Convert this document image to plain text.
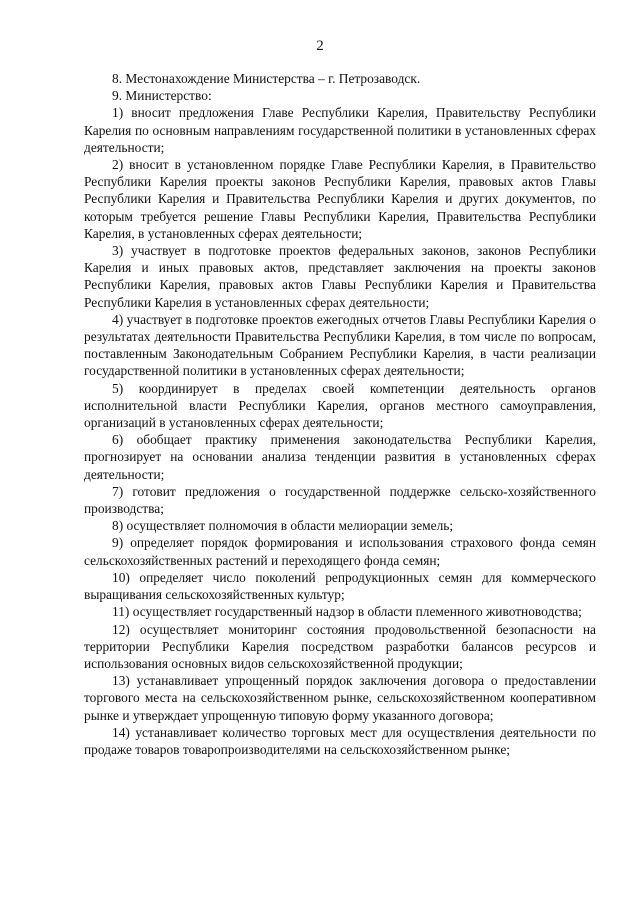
2

8. Местонахождение Министерства – г. Петрозаводск.

9. Министерство:

1) вносит предложения Главе Республики Карелия, Правительству Республики Карелия по основным направлениям государственной политики в установленных сферах деятельности;

2) вносит в установленном порядке Главе Республики Карелия, в Правительство Республики Карелия проекты законов Республики Карелия, правовых актов Главы Республики Карелия и Правительства Республики Карелия и других документов, по которым требуется решение Главы Республики Карелия, Правительства Республики Карелия, в установленных сферах деятельности;

3) участвует в подготовке проектов федеральных законов, законов Республики Карелия и иных правовых актов, представляет заключения на проекты законов Республики Карелия, правовых актов Главы Республики Карелия и Правительства Республики Карелия в установленных сферах деятельности;

4) участвует в подготовке проектов ежегодных отчетов Главы Республики Карелия о результатах деятельности Правительства Республики Карелия, в том числе по вопросам, поставленным Законодательным Собранием Республики Карелия, в части реализации государственной политики в установленных сферах деятельности;

5) координирует в пределах своей компетенции деятельность органов исполнительной власти Республики Карелия, органов местного самоуправления, организаций в установленных сферах деятельности;

6) обобщает практику применения законодательства Республики Карелия, прогнозирует на основании анализа тенденции развития в установленных сферах деятельности;

7) готовит предложения о государственной поддержке сельско-хозяйственного производства;

8) осуществляет полномочия в области мелиорации земель;

9) определяет порядок формирования и использования страхового фонда семян сельскохозяйственных растений и переходящего фонда семян;

10) определяет число поколений репродукционных семян для коммерческого выращивания сельскохозяйственных культур;

11) осуществляет государственный надзор в области племенного животноводства;

12) осуществляет мониторинг состояния продовольственной безопасности на территории Республики Карелия посредством разработки балансов ресурсов и использования основных видов сельскохозяйственной продукции;

13) устанавливает упрощенный порядок заключения договора о предоставлении торгового места на сельскохозяйственном рынке, сельскохозяйственном кооперативном рынке и утверждает упрощенную типовую форму указанного договора;

14) устанавливает количество торговых мест для осуществления деятельности по продаже товаров товаропроизводителями на сельскохозяйственном рынке;
